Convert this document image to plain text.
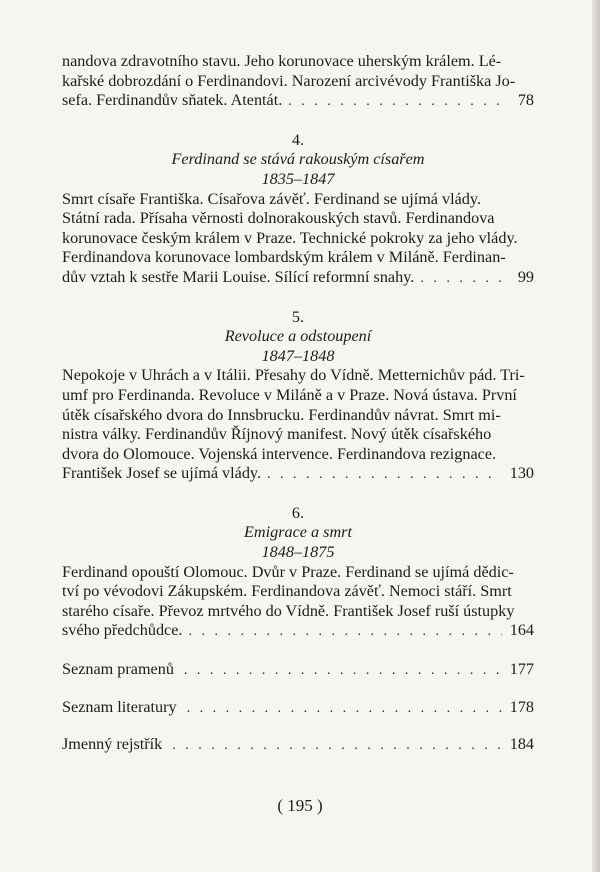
nandova zdravotního stavu. Jeho korunovace uherským králem. Lé-
kařské dobrozdání o Ferdinandovi. Narození arcivévody Františka Jo-
sefa. Ferdinandův sňatek. Atentát. . . .	78
4.
Ferdinand se stává rakouským císařem
1835–1847
Smrt císaře Františka. Císařova závěť. Ferdinand se ujímá vlády.
Státní rada. Přísaha věrnosti dolnorakouských stavů. Ferdinandova
korunovace českým králem v Praze. Technické pokroky za jeho vlády.
Ferdinandova korunovace lombardským králem v Miláně. Ferdinan-
dův vztah k sestře Marii Louise. Sílící reformní snahy. . . .	99
5.
Revoluce a odstoupení
1847–1848
Nepokoje v Uhrách a v Itálii. Přesahy do Vídně. Metternichův pád. Tri-
umf pro Ferdinanda. Revoluce v Miláně a v Praze. Nová ústava. První
útěk císařského dvora do Innsbrucku. Ferdinandův návrat. Smrt mi-
nistra války. Ferdinandův Říjnový manifest. Nový útěk císařského
dvora do Olomouce. Vojenská intervence. Ferdinandova rezignace.
František Josef se ujímá vlády. . . .	130
6.
Emigrace a smrt
1848–1875
Ferdinand opouští Olomouc. Dvůr v Praze. Ferdinand se ujímá dědic-
tví po vévodovi Zákupském. Ferdinandova závěť. Nemoci stáří. Smrt
starého císaře. Převoz mrtvého do Vídně. František Josef ruší ústupky
svého předchůdce. . . .	164
Seznam pramenů . . .	177
Seznam literatury . . .	178
Jmenný rejstřík . . .	184
( 195 )
